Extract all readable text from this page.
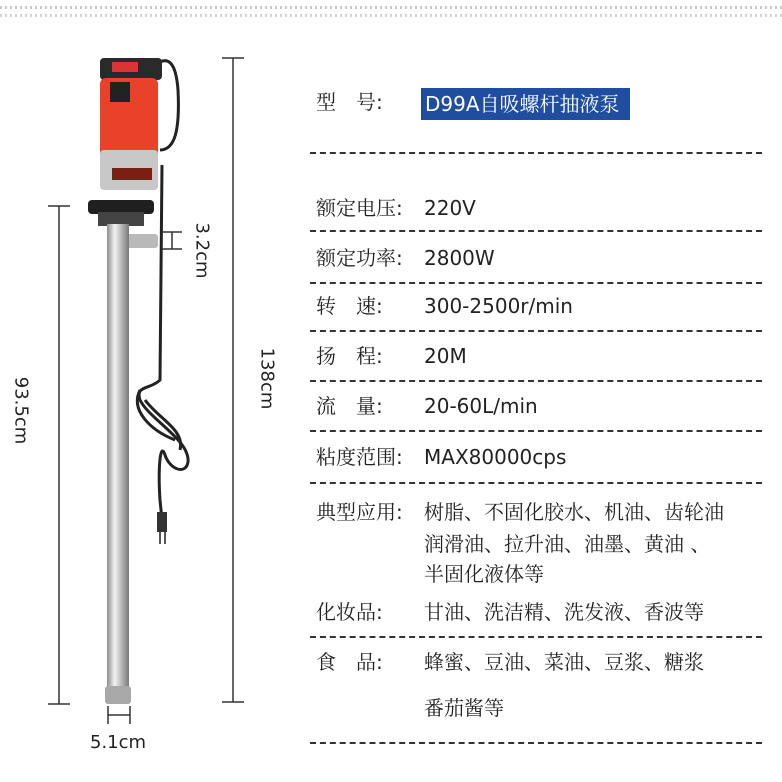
3.2cm
138cm
93.5cm
5.1cm
型　号: D99A自吸螺杆抽液泵
额定电压: 220V
额定功率: 2800W
转　速: 300-2500r/min
扬　程: 20M
流　量: 20-60L/min
粘度范围: MAX80000cps
典型应用: 树脂、不固化胶水、机油、齿轮油
润滑油、拉升油、油墨、黄油 、
半固化液体等
化妆品: 甘油、洗洁精、洗发液、香波等
食　品: 蜂蜜、豆油、菜油、豆浆、糖浆
番茄酱等
